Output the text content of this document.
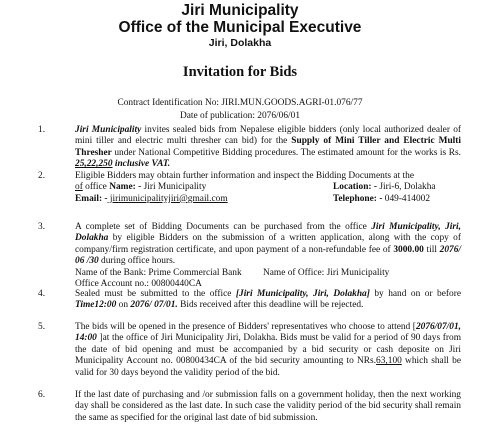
Jiri Municipality
Office of the Municipal Executive
Jiri, Dolakha
Invitation for Bids
Contract Identification No: JIRI.MUN.GOODS.AGRI-01.076/77
Date of publication: 2076/06/01
1.	Jiri Municipality invites sealed bids from Nepalese eligible bidders (only local authorized dealer of mini tiller and electric multi thresher can bid) for the Supply of Mini Tiller and Electric Multi Thresher under National Competitive Bidding procedures. The estimated amount for the works is Rs. 25,22,250 inclusive VAT.
2.	Eligible Bidders may obtain further information and inspect the Bidding Documents at the
of office Name: - Jiri Municipality	Location: - Jiri-6, Dolakha
Email: - jirimunicipalityjiri@gmail.com	Telephone: - 049-414002
3.	A complete set of Bidding Documents can be purchased from the office Jiri Municipality, Jiri, Dolakha by eligible Bidders on the submission of a written application, along with the copy of company/firm registration certificate, and upon payment of a non-refundable fee of 3000.00 till 2076/ 06 /30 during office hours.
Name of the Bank: Prime Commercial Bank Name of Office: Jiri Municipality
Office Account no.: 00800440CA
4.	Sealed must be submitted to the office [Jiri Municipality, Jiri, Dolakha] by hand on or before Time12:00 on 2076/ 07/01. Bids received after this deadline will be rejected.
5.	The bids will be opened in the presence of Bidders' representatives who choose to attend [2076/07/01, 14:00 ]at the office of Jiri Municipality Jiri, Dolakha. Bids must be valid for a period of 90 days from the date of bid opening and must be accompanied by a bid security or cash deposite on Jiri Municipality Account no. 00800434CA of the bid security amounting to NRs.63,100 which shall be valid for 30 days beyond the validity period of the bid.
6.	If the last date of purchasing and /or submission falls on a government holiday, then the next working day shall be considered as the last date. In such case the validity period of the bid security shall remain the same as specified for the original last date of bid submission.
